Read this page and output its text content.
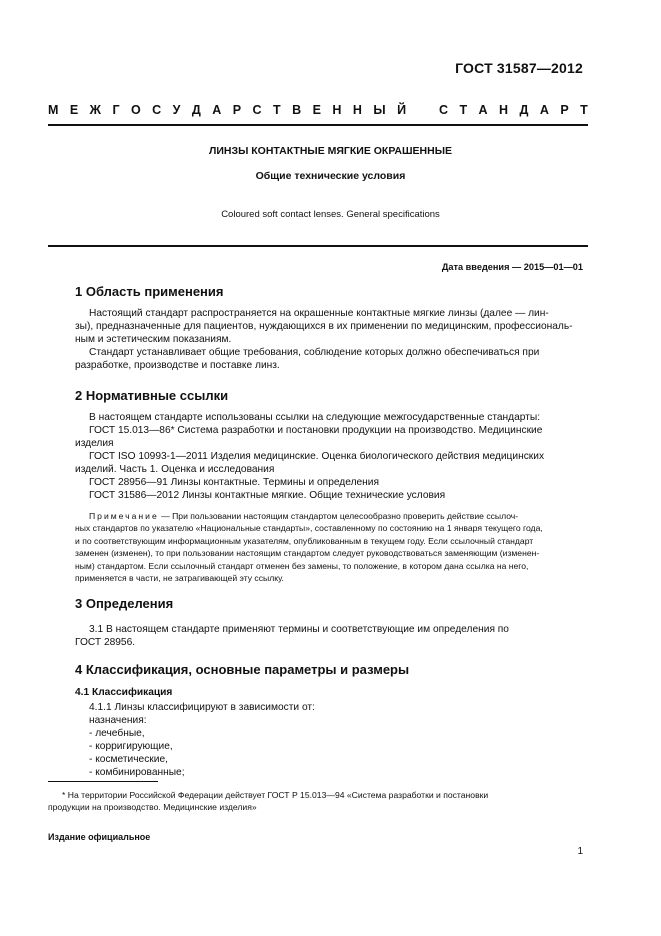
ГОСТ 31587—2012
М Е Ж Г О С У Д А Р С Т В Е Н Н Ы Й	С Т А Н Д А Р Т
ЛИНЗЫ КОНТАКТНЫЕ МЯГКИЕ ОКРАШЕННЫЕ
Общие технические условия
Coloured soft contact lenses. General specifications
Дата введения — 2015—01—01
1 Область применения
Настоящий стандарт распространяется на окрашенные контактные мягкие линзы (далее — лин-
зы), предназначенные для пациентов, нуждающихся в их применении по медицинским, профессиональ-
ным и эстетическим показаниям.
Стандарт устанавливает общие требования, соблюдение которых должно обеспечиваться при
разработке, производстве и поставке линз.
2 Нормативные ссылки
В настоящем стандарте использованы ссылки на следующие межгосударственные стандарты:
ГОСТ 15.013—86* Система разработки и постановки продукции на производство. Медицинские
изделия
ГОСТ ISO 10993-1—2011 Изделия медицинские. Оценка биологического действия медицинских
изделий. Часть 1. Оценка и исследования
ГОСТ 28956—91 Линзы контактные. Термины и определения
ГОСТ 31586—2012 Линзы контактные мягкие. Общие технические условия
Примечание — При пользовании настоящим стандартом целесообразно проверить действие ссылоч-
ных стандартов по указателю «Национальные стандарты», составленному по состоянию на 1 января текущего года,
и по соответствующим информационным указателям, опубликованным в текущем году. Если ссылочный стандарт
заменен (изменен), то при пользовании настоящим стандартом следует руководствоваться заменяющим (изменен-
ным) стандартом. Если ссылочный стандарт отменен без замены, то положение, в котором дана ссылка на него,
применяется в части, не затрагивающей эту ссылку.
3 Определения
3.1 В настоящем стандарте применяют термины и соответствующие им определения по
ГОСТ 28956.
4 Классификация, основные параметры и размеры
4.1 Классификация
4.1.1 Линзы классифицируют в зависимости от:
назначения:
- лечебные,
- корригирующие,
- косметические,
- комбинированные;
* На территории Российской Федерации действует ГОСТ Р 15.013—94 «Система разработки и постановки
продукции на производство. Медицинские изделия»
Издание официальное
1
